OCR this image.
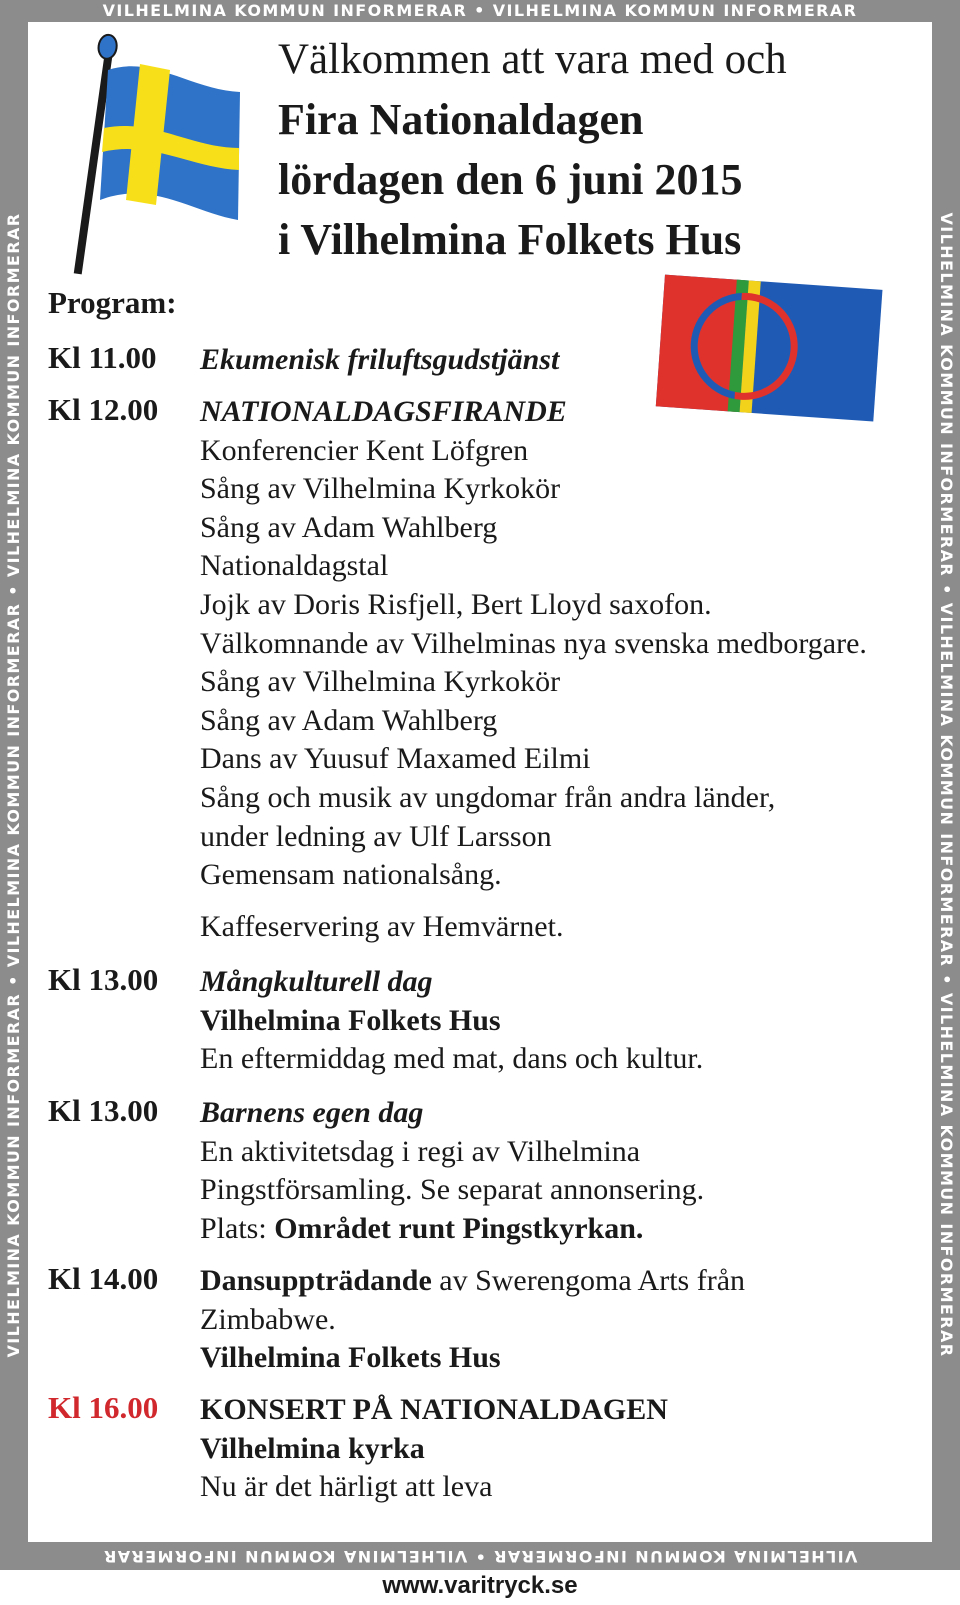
VILHELMINA KOMMUN INFORMERAR • VILHELMINA KOMMUN INFORMERAR
VILHELMINA KOMMUN INFORMERAR • VILHELMINA KOMMUN INFORMERAR
VILHELMINA KOMMUN INFORMERAR • VILHELMINA KOMMUN INFORMERAR • VILHELMINA KOMMUN INFORMERAR	VILHELMINA KOMMUN INFORMERAR • VILHELMINA KOMMUN INFORMERAR • VILHELMINA KOMMUN INFORMERAR
www.varitryck.se
Välkommen att vara med och
Fira Nationaldagen
lördagen den 6 juni 2015
i Vilhelmina Folkets Hus
Program:
Kl 11.00 Ekumenisk friluftsgudstjänst
Kl 12.00 NATIONALDAGSFIRANDE
Konferencier Kent Löfgren
Sång av Vilhelmina Kyrkokör
Sång av Adam Wahlberg
Nationaldagstal
Jojk av Doris Risfjell, Bert Lloyd saxofon.
Välkomnande av Vilhelminas nya svenska medborgare.
Sång av Vilhelmina Kyrkokör
Sång av Adam Wahlberg
Dans av Yuusuf Maxamed Eilmi
Sång och musik av ungdomar från andra länder,
under ledning av Ulf Larsson
Gemensam nationalsång.
Kaffeservering av Hemvärnet.
Kl 13.00 Mångkulturell dag
Vilhelmina Folkets Hus
En eftermiddag med mat, dans och kultur.
Kl 13.00 Barnens egen dag
En aktivitetsdag i regi av Vilhelmina
Pingstförsamling. Se separat annonsering.
Plats: Området runt Pingstkyrkan.
Kl 14.00 Dansuppträdande av Swerengoma Arts från
Zimbabwe.
Vilhelmina Folkets Hus
Kl 16.00 KONSERT PÅ NATIONALDAGEN
Vilhelmina kyrka
Nu är det härligt att leva
